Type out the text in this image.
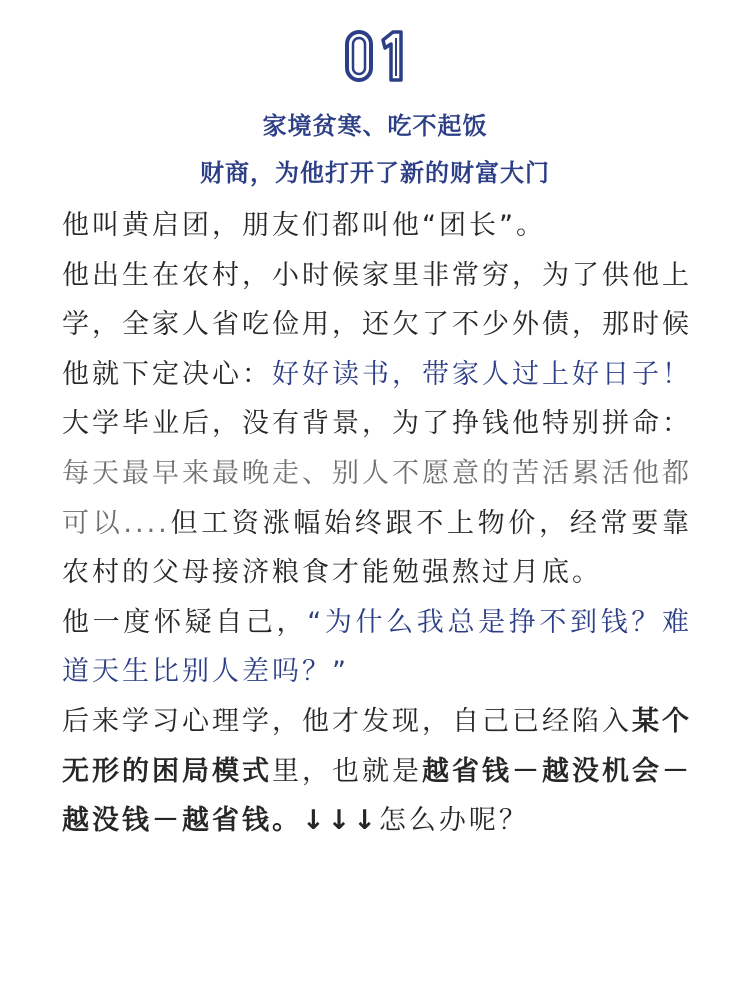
家境贫寒、吃不起饭
财商，为他打开了新的财富大门

他叫黄启团，朋友们都叫他“团长”。

他出生在农村，小时候家里非常穷，为了供他上学，全家人省吃俭用，还欠了不少外债，那时候他就下定决心：好好读书，带家人过上好日子！

大学毕业后，没有背景，为了挣钱他特别拼命：每天最早来最晚走、别人不愿意的苦活累活他都可以....但工资涨幅始终跟不上物价，经常要靠农村的父母接济粮食才能勉强熬过月底。

他一度怀疑自己，“为什么我总是挣不到钱？难道天生比别人差吗？”

后来学习心理学，他才发现，自己已经陷入某个无形的困局模式里，也就是越省钱－越没机会－越没钱－越省钱。↓↓↓怎么办呢？
